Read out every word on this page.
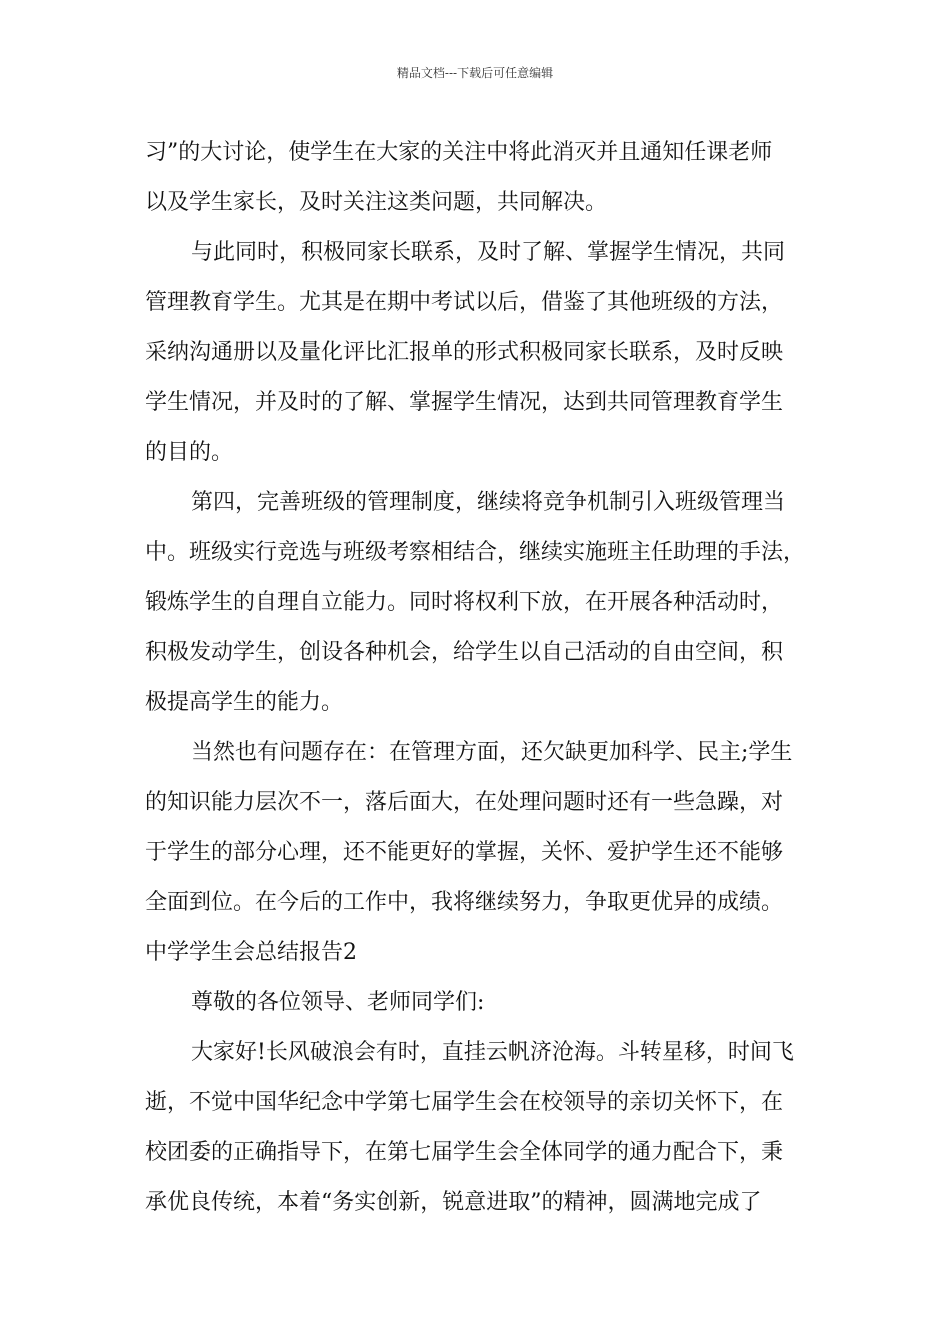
精品文档---下载后可任意编辑
习”的大讨论，使学生在大家的关注中将此消灭并且通知任课老师
以及学生家长，及时关注这类问题，共同解决。
与此同时，积极同家长联系，及时了解、掌握学生情况，共同
管理教育学生。尤其是在期中考试以后，借鉴了其他班级的方法，
采纳沟通册以及量化评比汇报单的形式积极同家长联系，及时反映
学生情况，并及时的了解、掌握学生情况，达到共同管理教育学生
的目的。
第四，完善班级的管理制度，继续将竞争机制引入班级管理当
中。班级实行竞选与班级考察相结合，继续实施班主任助理的手法，
锻炼学生的自理自立能力。同时将权利下放，在开展各种活动时，
积极发动学生，创设各种机会，给学生以自己活动的自由空间，积
极提高学生的能力。
当然也有问题存在：在管理方面，还欠缺更加科学、民主;学生
的知识能力层次不一，落后面大，在处理问题时还有一些急躁，对
于学生的部分心理，还不能更好的掌握，关怀、爱护学生还不能够
全面到位。在今后的工作中，我将继续努力，争取更优异的成绩。
中学学生会总结报告2
尊敬的各位领导、老师同学们:
大家好!长风破浪会有时，直挂云帆济沧海。斗转星移，时间飞
逝，不觉中国华纪念中学第七届学生会在校领导的亲切关怀下，在
校团委的正确指导下，在第七届学生会全体同学的通力配合下，秉
承优良传统，本着“务实创新，锐意进取”的精神，圆满地完成了
